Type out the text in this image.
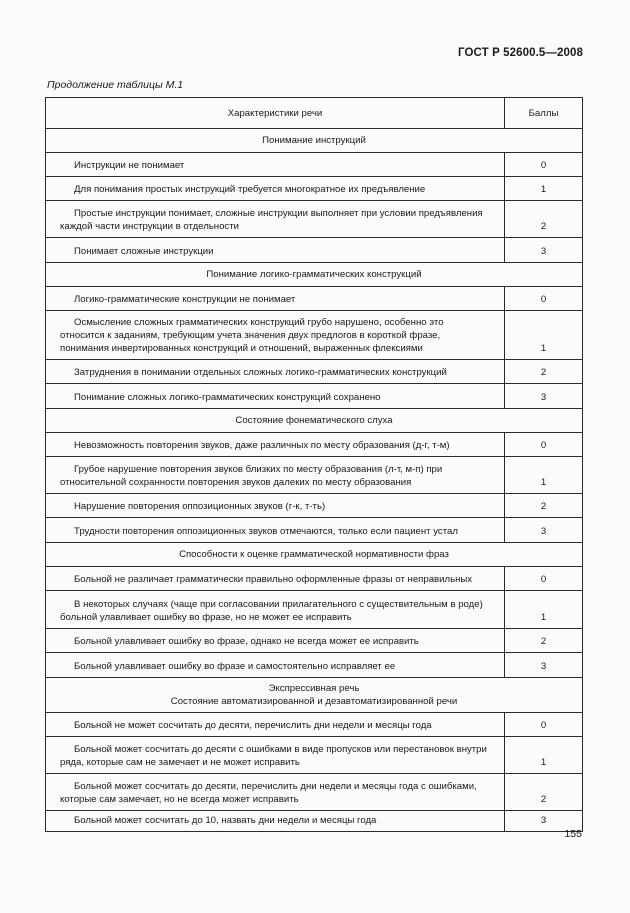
ГОСТ Р 52600.5—2008
Продолжение таблицы М.1
Характеристики речи	Баллы

Понимание инструкций	

Инструкции не понимает	0
Для понимания простых инструкций требуется многократное их предъявление	1
Простые инструкции понимает, сложные инструкции выполняет при условии предъявления каждой части инструкции в отдельности	2
Понимает сложные инструкции	3

Понимание логико-грамматических конструкций	

Логико-грамматические конструкции не понимает	0
Осмысление сложных грамматических конструкций грубо нарушено, особенно это относится к заданиям, требующим учета значения двух предлогов в короткой фразе, понимания инвертированных конструкций и отношений, выраженных флексиями	1
Затруднения в понимании отдельных сложных логико-грамматических конструкций	2
Понимание сложных логико-грамматических конструкций сохранено	3

Состояние фонематического слуха	

Невозможность повторения звуков, даже различных по месту образования (д-г, т-м)	0
Грубое нарушение повторения звуков близких по месту образования (л-т, м-п) при относительной сохранности повторения звуков далеких по месту образования	1
Нарушение повторения оппозиционных звуков (г-к, т-ть)	2
Трудности повторения оппозиционных звуков отмечаются, только если пациент устал	3

Способности к оценке грамматической нормативности фраз	

Больной не различает грамматически правильно оформленные фразы от неправильных	0
В некоторых случаях (чаще при согласовании прилагательного с существительным в роде) больной улавливает ошибку во фразе, но не может ее исправить	1
Больной улавливает ошибку во фразе, однако не всегда может ее исправить	2
Больной улавливает ошибку во фразе и самостоятельно исправляет ее	3

Экспрессивная речь
Состояние автоматизированной и дезавтоматизированной речи	

Больной не может сосчитать до десяти, перечислить дни недели и месяцы года	0
Больной может сосчитать до десяти с ошибками в виде пропусков или перестановок внутри ряда, которые сам не замечает и не может исправить	1
Больной может сосчитать до десяти, перечислить дни недели и месяцы года с ошибками, которые сам замечает, но не всегда может исправить	2
Больной может сосчитать до 10, назвать дни недели и месяцы года	3
155
